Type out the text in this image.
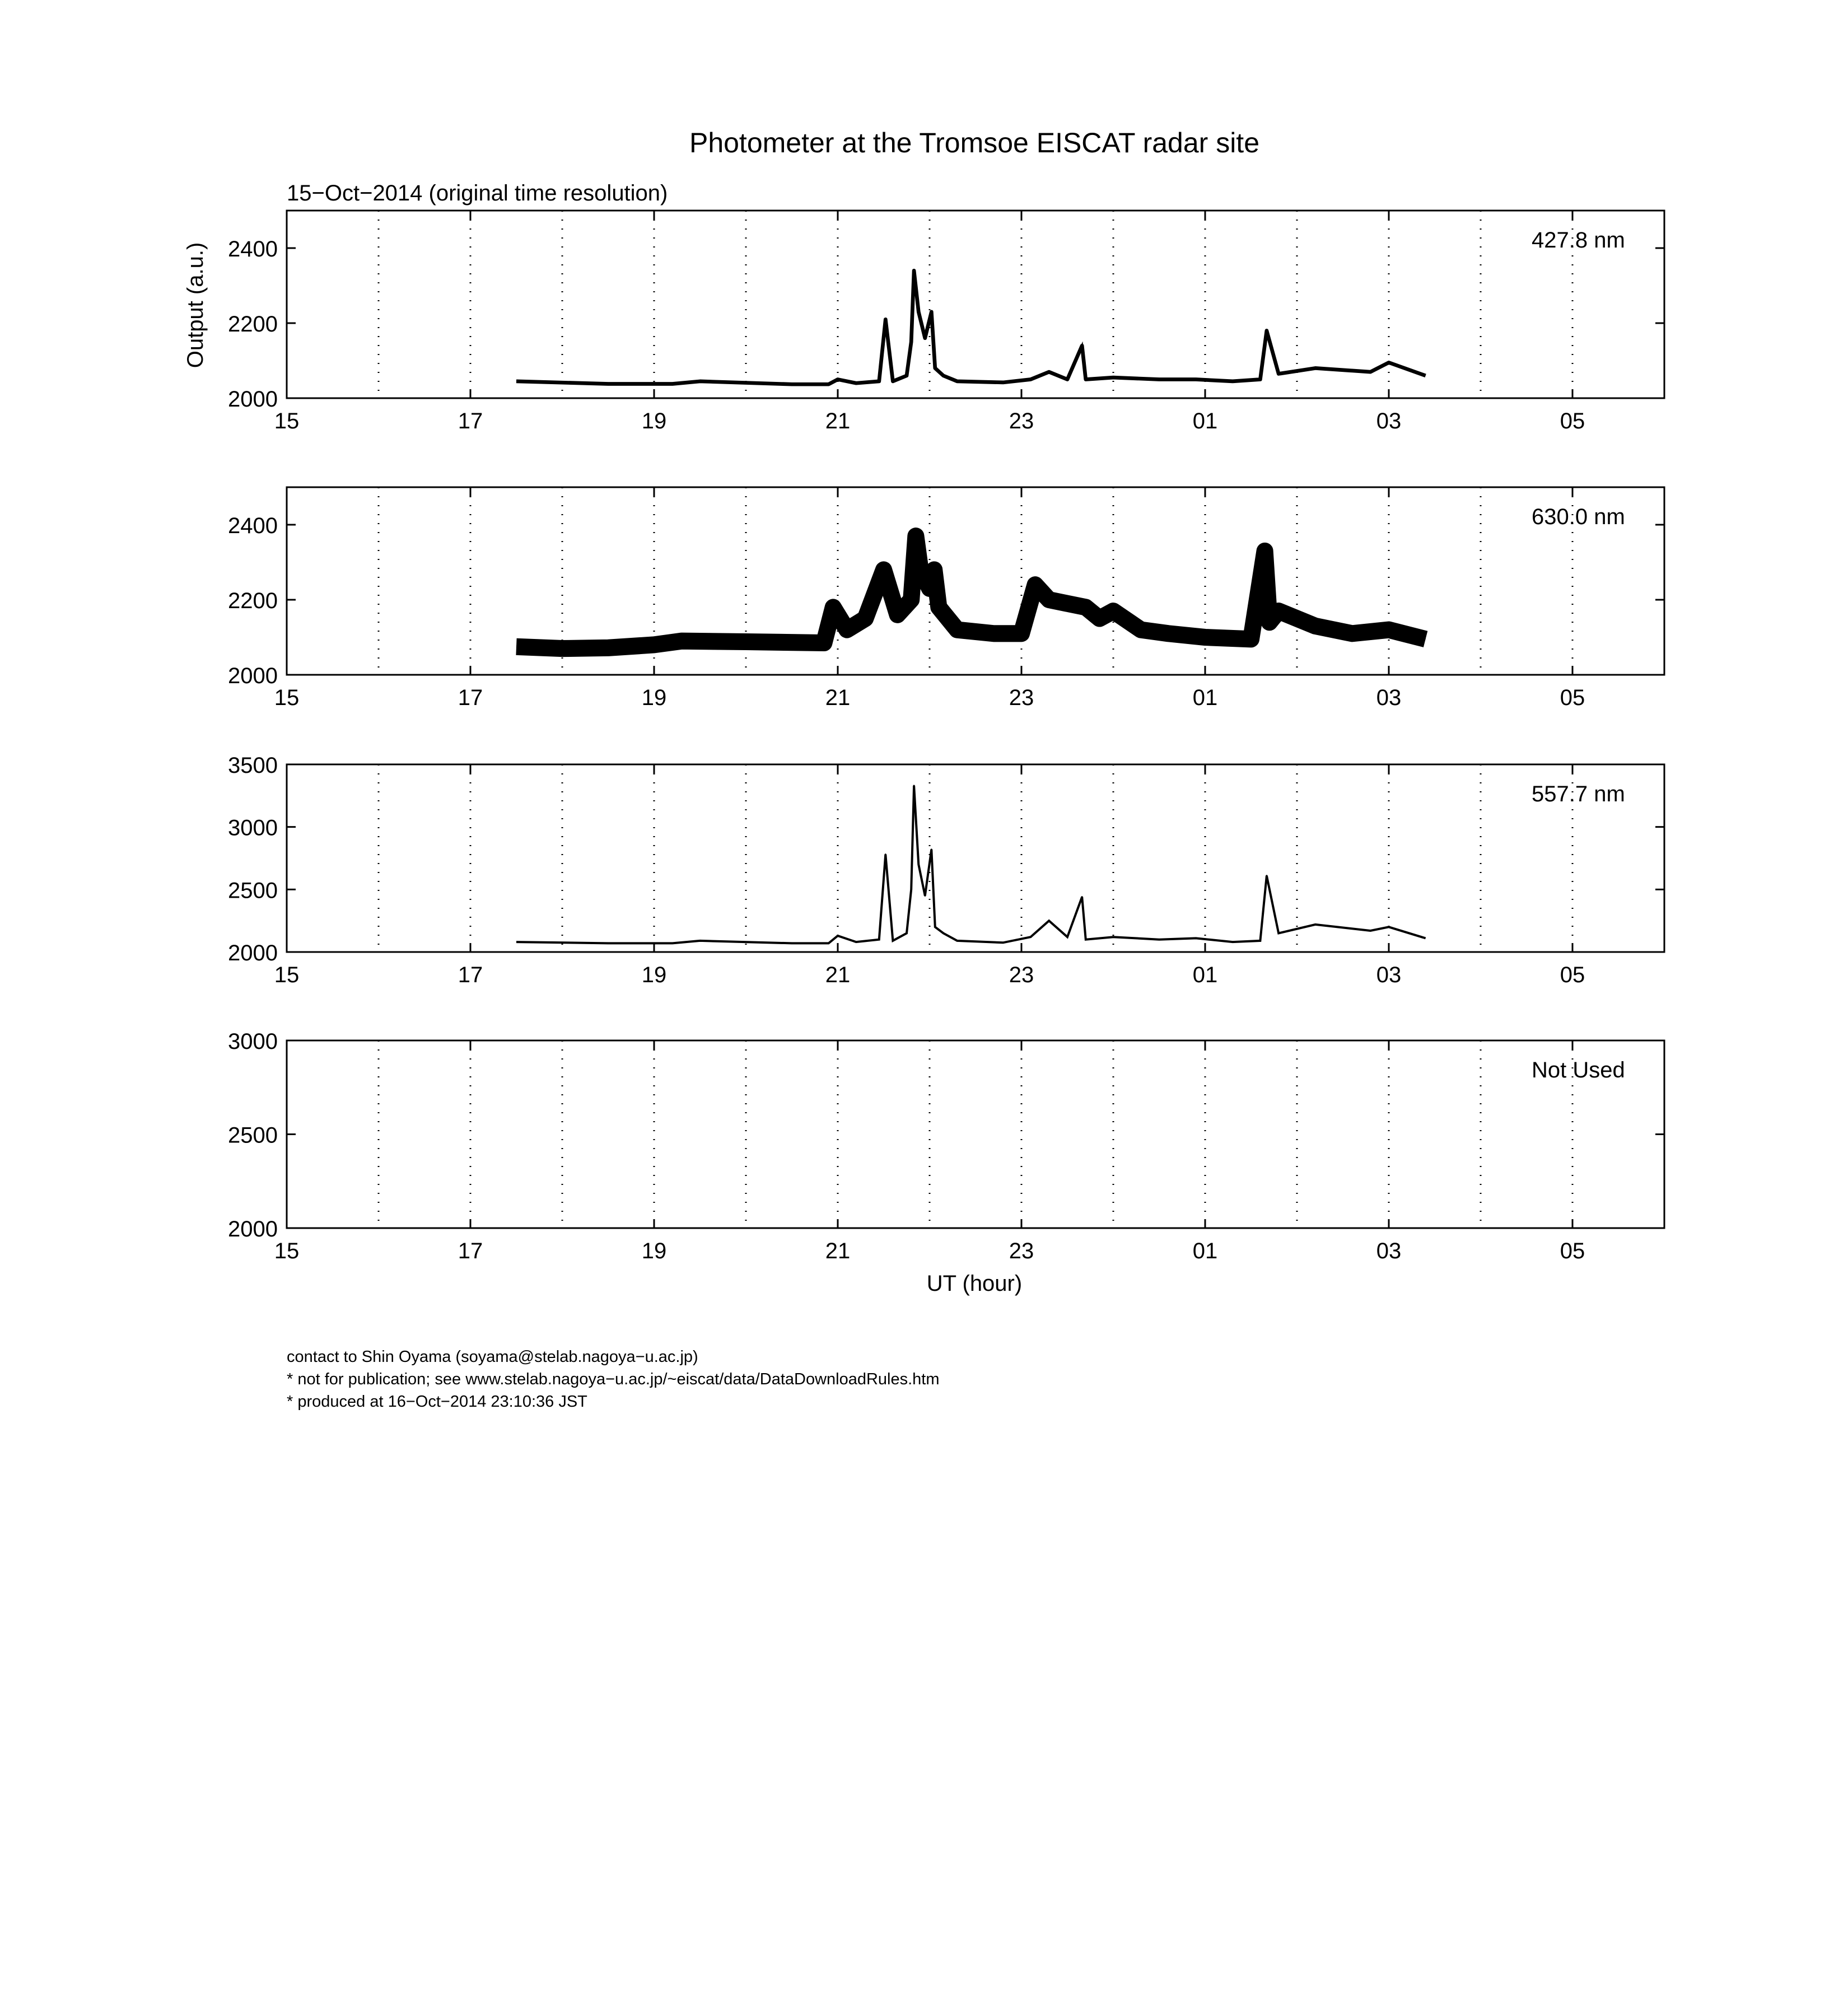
Photometer at the Tromsoe EISCAT radar site
15−Oct−2014 (original time resolution)
15	17	19	21	23	01	03	05
2000
2200
2400	427.8 nm
15	17	19	21	23	01	03	05
2000
2200
2400	630.0 nm
15	17	19	21	23	01	03	05
2000
2500
3000
3500
557.7 nm
15	17	19	21	23	01	03	05
2000
2500
3000
Not Used
Output (a.u.)
UT (hour)
contact to Shin Oyama (soyama@stelab.nagoya−u.ac.jp)
* not for publication; see www.stelab.nagoya−u.ac.jp/~eiscat/data/DataDownloadRules.htm
* produced at 16−Oct−2014 23:10:36 JST
